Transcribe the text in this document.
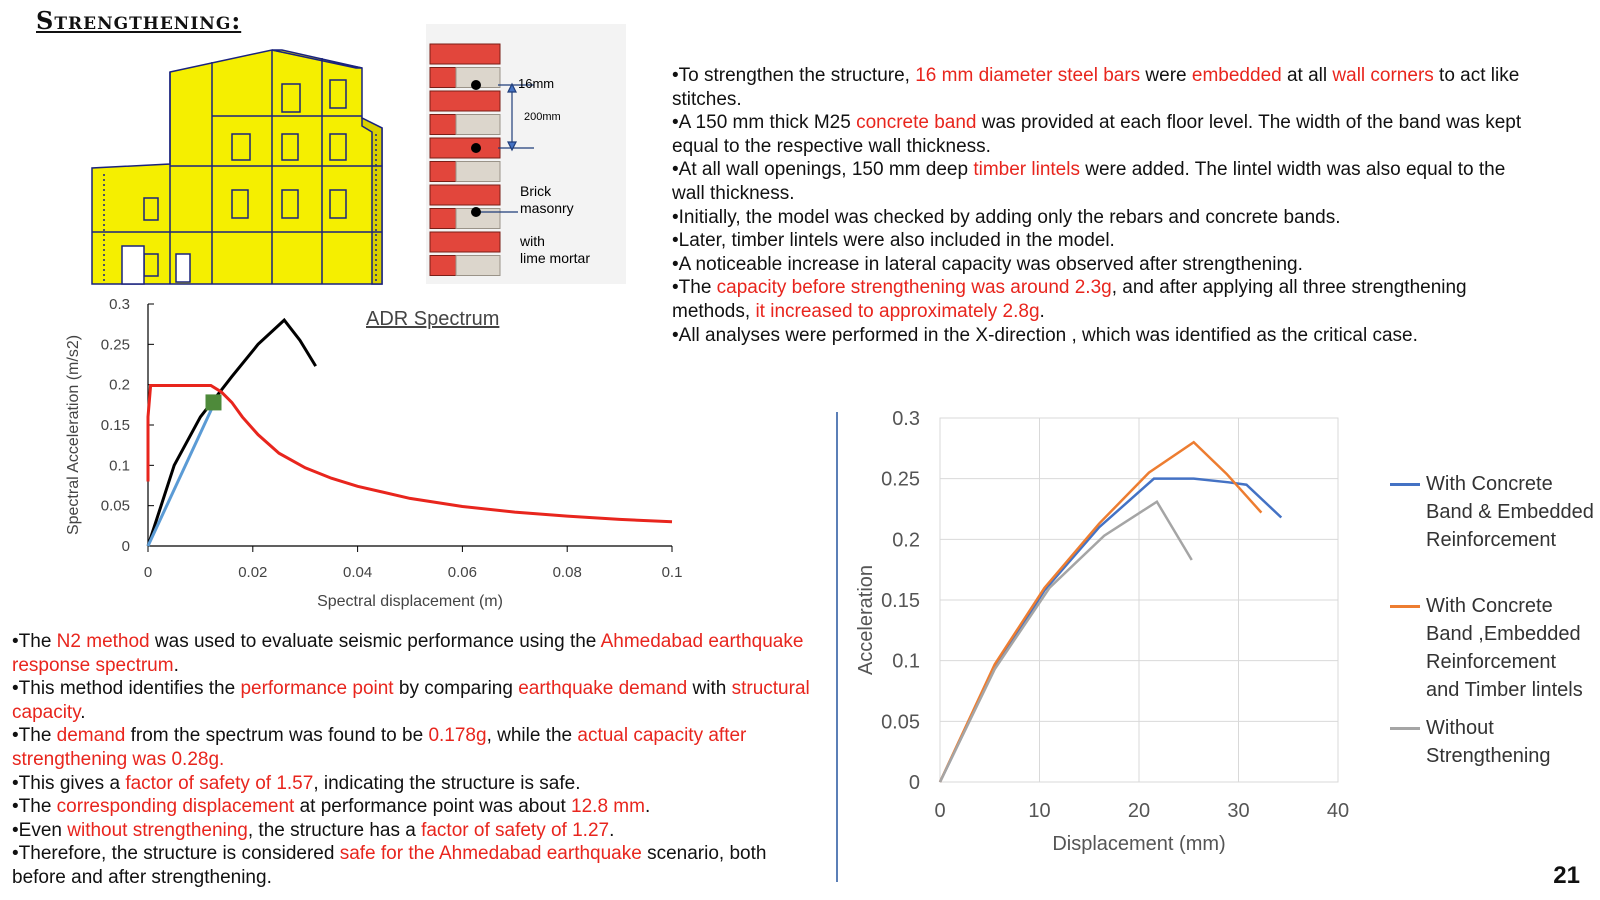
Strengthening:
16mm
200mm
Brick
masonry
with
lime mortar

•To strengthen the structure, 16 mm diameter steel bars were embedded at all wall corners to act like stitches.

•A 150 mm thick M25 concrete band was provided at each floor level. The width of the band was kept equal to the respective wall thickness.

•At all wall openings, 150 mm deep timber lintels were added. The lintel width was also equal to the wall thickness.

•Initially, the model was checked by adding only the rebars and concrete bands.

•Later, timber lintels were also included in the model.

•A noticeable increase in lateral capacity was observed after strengthening.

•The capacity before strengthening was around 2.3g, and after applying all three strengthening methods, it increased to approximately 2.8g.

•All analyses were performed in the X-direction , which was identified as the critical case.

0
0.05
0.1
0.15
0.2
0.25
0.3
0	0.02	0.04	0.06	0.08	0.1
ADR Spectrum
Spectral displacement (m)
Spectral Acceleration (m/s2)

•The N2 method was used to evaluate seismic performance using the Ahmedabad earthquake response spectrum.

•This method identifies the performance point by comparing earthquake demand with structural capacity.

•The demand from the spectrum was found to be 0.178g, while the actual capacity after strengthening was 0.28g.

•This gives a factor of safety of 1.57, indicating the structure is safe.

•The corresponding displacement at performance point was about 12.8 mm.

•Even without strengthening, the structure has a factor of safety of 1.27.

•Therefore, the structure is considered safe for the Ahmedabad earthquake scenario, both before and after strengthening.

0
0.05
0.1
0.15
0.2
0.25
0.3
0	10	20	30	40
Displacement (mm)
Acceleration
With Concrete
Band & Embedded
Reinforcement
With Concrete
Band ,Embedded
Reinforcement
and Timber lintels
Without
Strengthening
21
